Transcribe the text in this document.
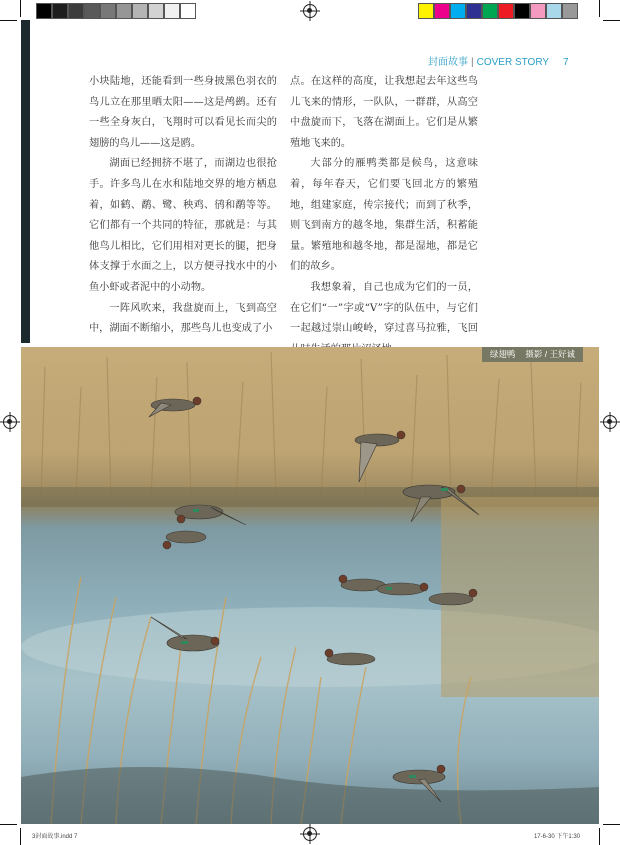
封面故事 | COVER STORY 7

小块陆地，还能看到一些身披黑色羽衣的鸟儿立在那里晒太阳——这是鸬鹚。还有一些全身灰白，飞翔时可以看见长而尖的翅膀的鸟儿——这是鸥。

湖面已经拥挤不堪了，而湖边也很抢手。许多鸟儿在水和陆地交界的地方栖息着，如鹤、鹬、鹭、秧鸡、鸻和鹬等等。它们都有一个共同的特征，那就是：与其他鸟儿相比，它们用相对更长的腿，把身体支撑于水面之上，以方便寻找水中的小鱼小虾或者泥中的小动物。

一阵风吹来，我盘旋而上，飞到高空中，湖面不断缩小，那些鸟儿也变成了小

点。在这样的高度，让我想起去年这些鸟儿飞来的情形，一队队，一群群，从高空中盘旋而下，飞落在湖面上。它们是从繁殖地飞来的。

大部分的雁鸭类都是候鸟，这意味着，每年春天，它们要飞回北方的繁殖地，组建家庭，传宗接代；而到了秋季，则飞到南方的越冬地，集群生活，积蓄能量。繁殖地和越冬地，都是湿地，都是它们的故乡。

我想象着，自己也成为它们的一员，在它们“一”字或“V”字的队伍中，与它们一起越过崇山峻岭，穿过喜马拉雅，飞回

绿翅鸭 摄影 / 王好诚
3封面故事.indd 7	17-6-30 下午1:30
